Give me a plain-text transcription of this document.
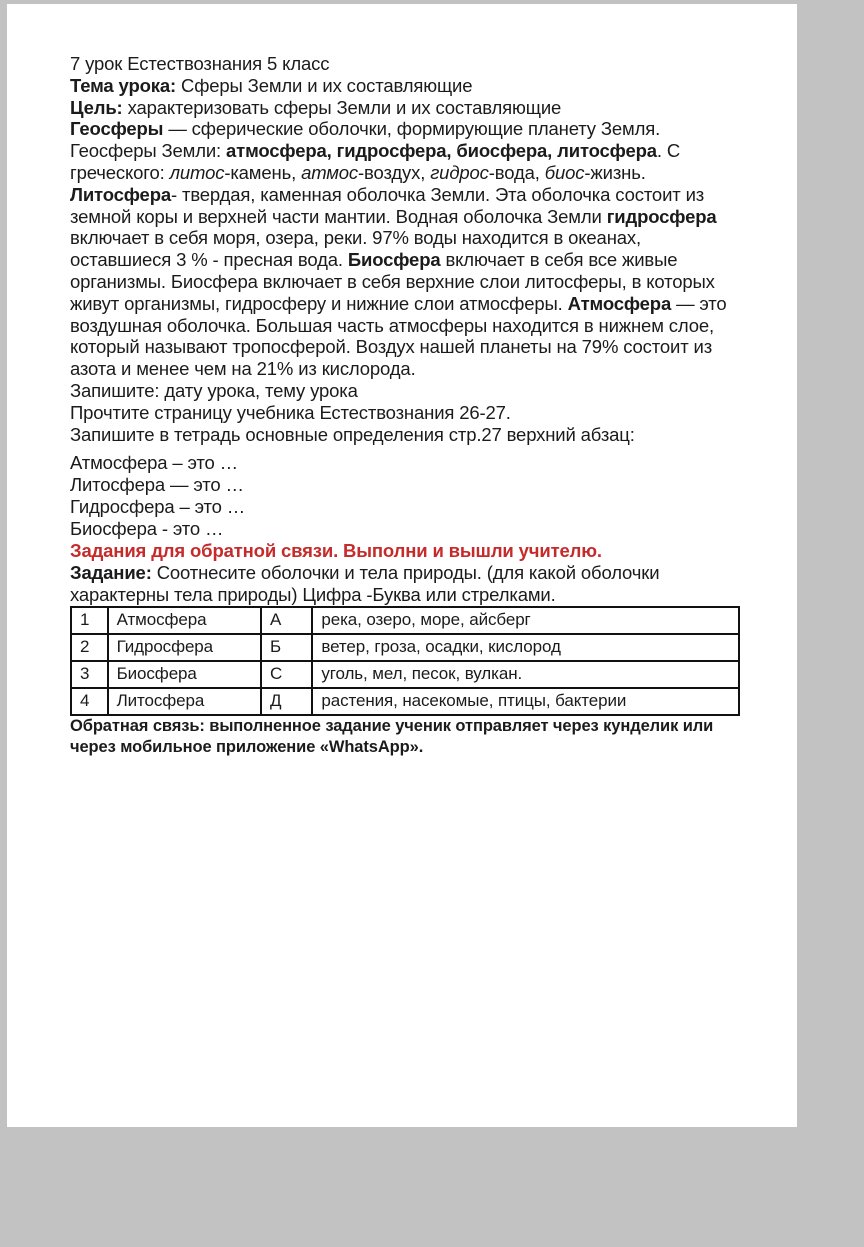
7 урок Естествознания 5 класс

Тема урока: Сферы Земли и их составляющие
Цель: характеризовать сферы Земли и их составляющие

Геосферы — сферические оболочки, формирующие планету Земля. Геосферы Земли: атмосфера, гидросфера, биосфера, литосфера. С греческого: литос-камень, атмос-воздух, гидрос-вода, биос-жизнь. Литосфера- твердая, каменная оболочка Земли. Эта оболочка состоит из земной коры и верхней части мантии. Водная оболочка Земли гидросфера включает в себя моря, озера, реки. 97% воды находится в океанах, оставшиеся 3 % - пресная вода. Биосфера включает в себя все живые организмы. Биосфера включает в себя верхние слои литосферы, в которых живут организмы, гидросферу и нижние слои атмосферы. Атмосфера — это воздушная оболочка. Большая часть атмосферы находится в нижнем слое, который называют тропосферой. Воздух нашей планеты на 79% состоит из азота и менее чем на 21% из кислорода.

Запишите: дату урока, тему урока

Прочтите страницу учебника Естествознания 26-27.

Запишите в тетрадь основные определения стр.27 верхний абзац:

Атмосфера – это …

Литосфера — это …

Гидросфера – это …

Биосфера - это …

Задания для обратной связи. Выполни и вышли учителю.

Задание: Соотнесите оболочки и тела природы. (для какой оболочки характерны тела природы) Цифра -Буква или стрелками.

1	Атмосфера	А	река, озеро, море, айсберг
2	Гидросфера	Б	ветер, гроза, осадки, кислород
3	Биосфера	С	уголь, мел, песок, вулкан.
4	Литосфера	Д	растения, насекомые, птицы, бактерии

Обратная связь: выполненное задание ученик отправляет через кунделик или через мобильное приложение «WhatsApp».
